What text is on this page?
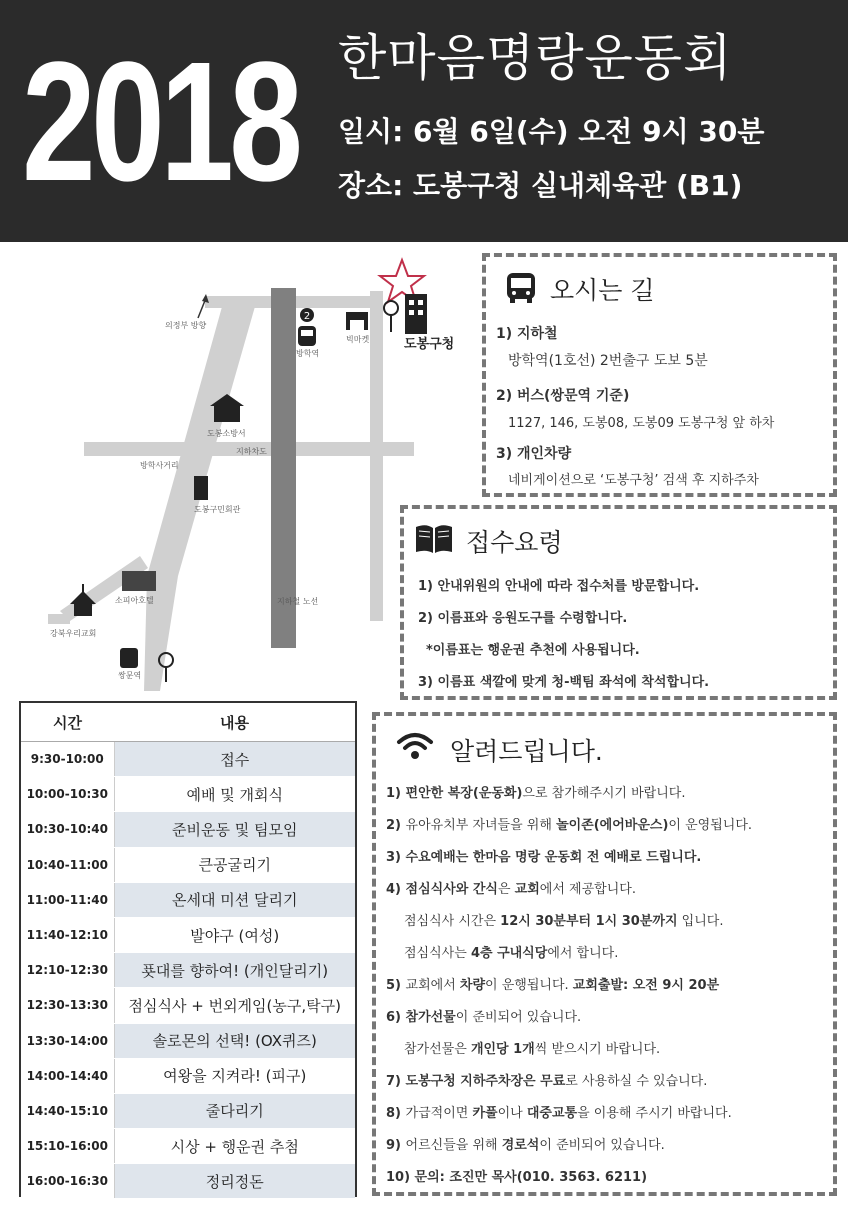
2018 한마음명랑운동회
일시: 6월 6일(수) 오전 9시 30분
장소: 도봉구청 실내체육관 (B1)
2
의정부 방향
방학역
빅마켓	도봉구청
도봉소방서
지하차도
방학사거리
도봉구민회관
지하철 노선
소피아호텔
강북우리교회
쌍문역
오시는 길
1) 지하철
방학역(1호선) 2번출구 도보 5분
2) 버스(쌍문역 기준)
1127, 146, 도봉08, 도봉09 도봉구청 앞 하차
3) 개인차량
네비게이션으로 ‘도봉구청’ 검색 후 지하주차
접수요령
1) 안내위원의 안내에 따라 접수처를 방문합니다.
2) 이름표와 응원도구를 수령합니다.
*이름표는 행운권 추천에 사용됩니다.
3) 이름표 색깔에 맞게 청-백팀 좌석에 착석합니다.
시간	내용
9:30-10:00	접수
10:00-10:30	예배 및 개회식
10:30-10:40	준비운동 및 팀모임
10:40-11:00	큰공굴리기
11:00-11:40	온세대 미션 달리기
11:40-12:10	발야구 (여성)
12:10-12:30	푯대를 향하여! (개인달리기)
12:30-13:30	점심식사 + 번외게임(농구,탁구)
13:30-14:00	솔로몬의 선택! (OX퀴즈)
14:00-14:40	여왕을 지켜라! (피구)
14:40-15:10	줄다리기
15:10-16:00	시상 + 행운권 추첨
16:00-16:30	정리정돈
알려드립니다.
1) 편안한 복장(운동화)으로 참가해주시기 바랍니다.
2) 유아유치부 자녀들을 위해 놀이존(에어바운스)이 운영됩니다.
3) 수요예배는 한마음 명랑 운동회 전 예배로 드립니다.
4) 점심식사와 간식은 교회에서 제공합니다.
점심식사 시간은 12시 30분부터 1시 30분까지 입니다.
점심식사는 4층 구내식당에서 합니다.
5) 교회에서 차량이 운행됩니다. 교회출발: 오전 9시 20분
6) 참가선물이 준비되어 있습니다.
참가선물은 개인당 1개씩 받으시기 바랍니다.
7) 도봉구청 지하주차장은 무료로 사용하실 수 있습니다.
8) 가급적이면 카풀이나 대중교통을 이용해 주시기 바랍니다.
9) 어르신들을 위해 경로석이 준비되어 있습니다.
10) 문의: 조진만 목사(010. 3563. 6211)
